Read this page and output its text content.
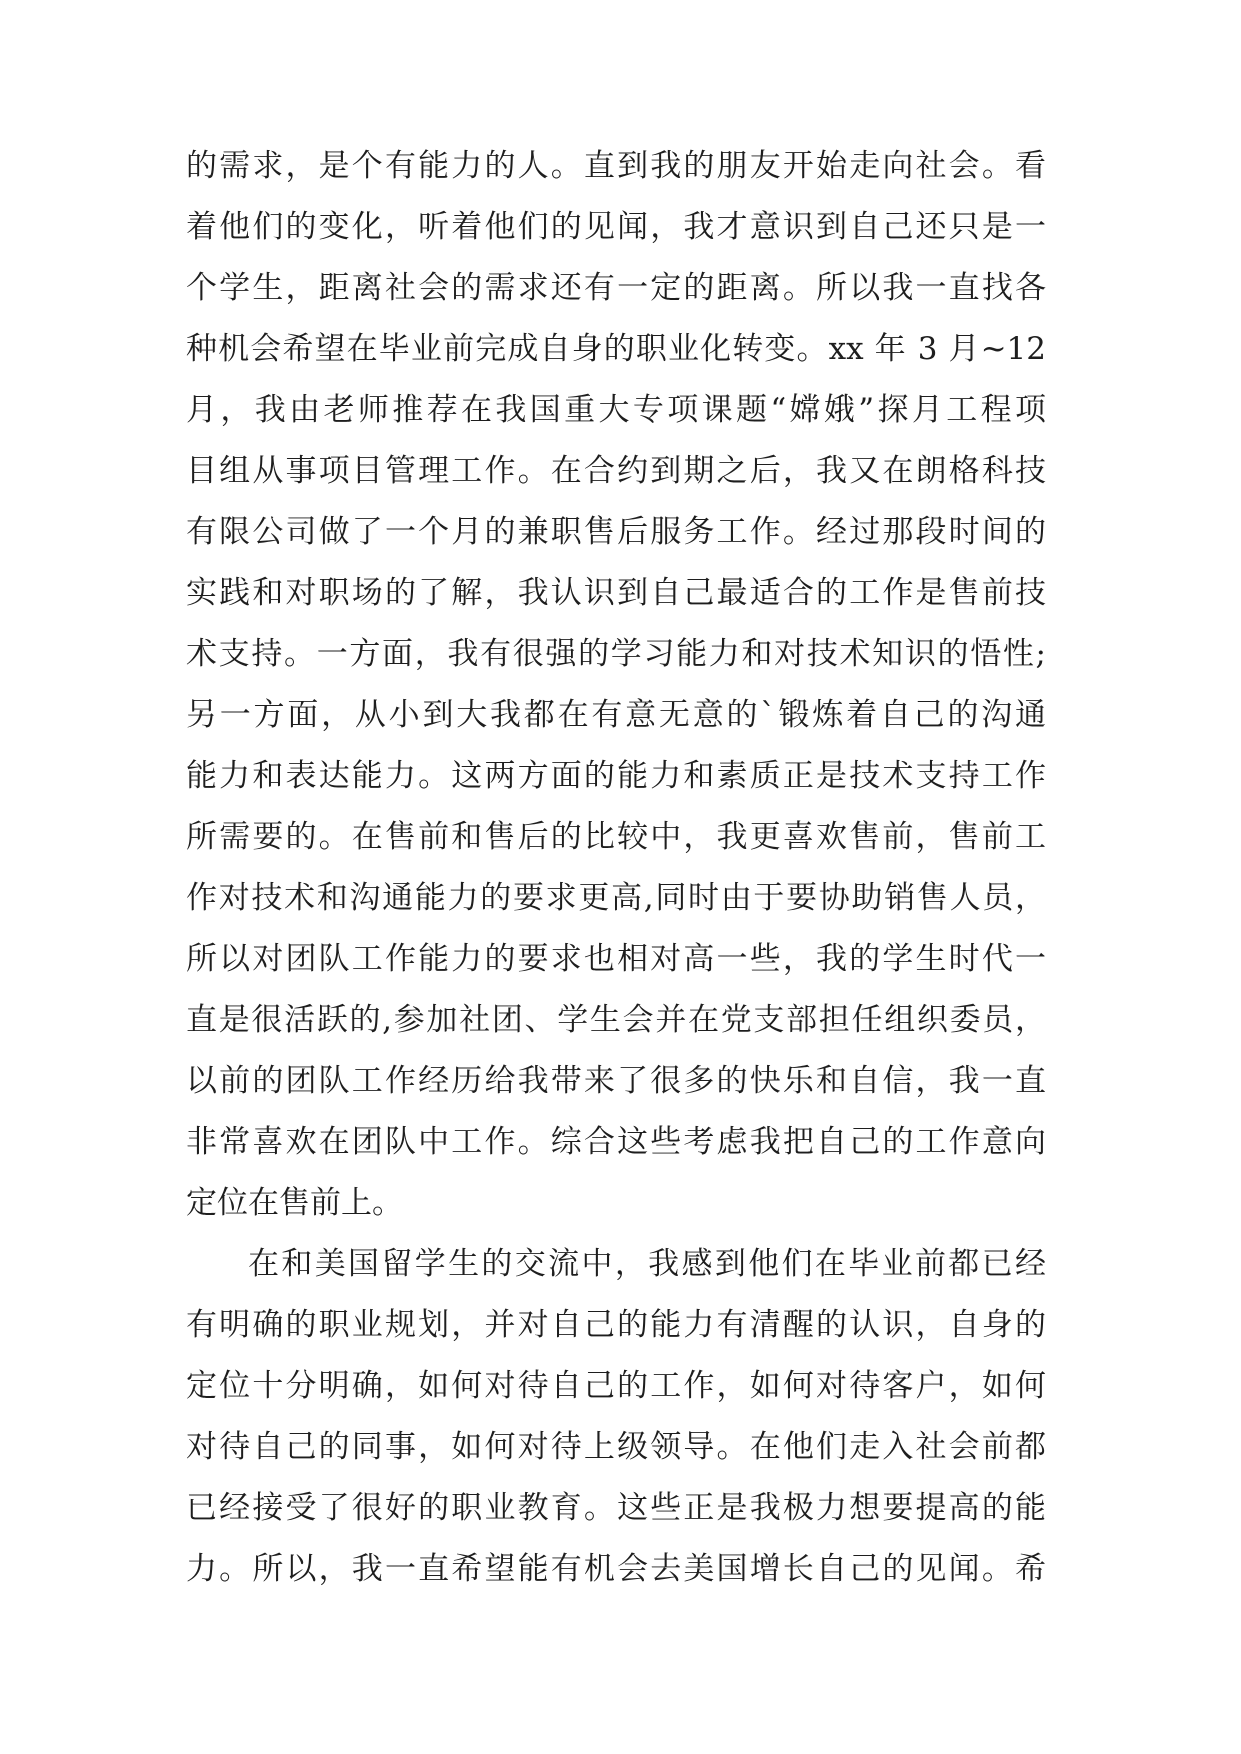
的需求，是个有能力的人。直到我的朋友开始走向社会。看
着他们的变化，听着他们的见闻，我才意识到自己还只是一
个学生，距离社会的需求还有一定的距离。所以我一直找各
种机会希望在毕业前完成自身的职业化转变。xx 年 3 月~12
月，我由老师推荐在我国重大专项课题“嫦娥”探月工程项
目组从事项目管理工作。在合约到期之后，我又在朗格科技
有限公司做了一个月的兼职售后服务工作。经过那段时间的
实践和对职场的了解，我认识到自己最适合的工作是售前技
术支持。一方面，我有很强的学习能力和对技术知识的悟性;
另一方面，从小到大我都在有意无意的`锻炼着自己的沟通
能力和表达能力。这两方面的能力和素质正是技术支持工作
所需要的。在售前和售后的比较中，我更喜欢售前，售前工
作对技术和沟通能力的要求更高,同时由于要协助销售人员，
所以对团队工作能力的要求也相对高一些，我的学生时代一
直是很活跃的,参加社团、学生会并在党支部担任组织委员，
以前的团队工作经历给我带来了很多的快乐和自信，我一直
非常喜欢在团队中工作。综合这些考虑我把自己的工作意向
定位在售前上。
在和美国留学生的交流中，我感到他们在毕业前都已经
有明确的职业规划，并对自己的能力有清醒的认识，自身的
定位十分明确，如何对待自己的工作，如何对待客户，如何
对待自己的同事，如何对待上级领导。在他们走入社会前都
已经接受了很好的职业教育。这些正是我极力想要提高的能
力。所以，我一直希望能有机会去美国增长自己的见闻。希
